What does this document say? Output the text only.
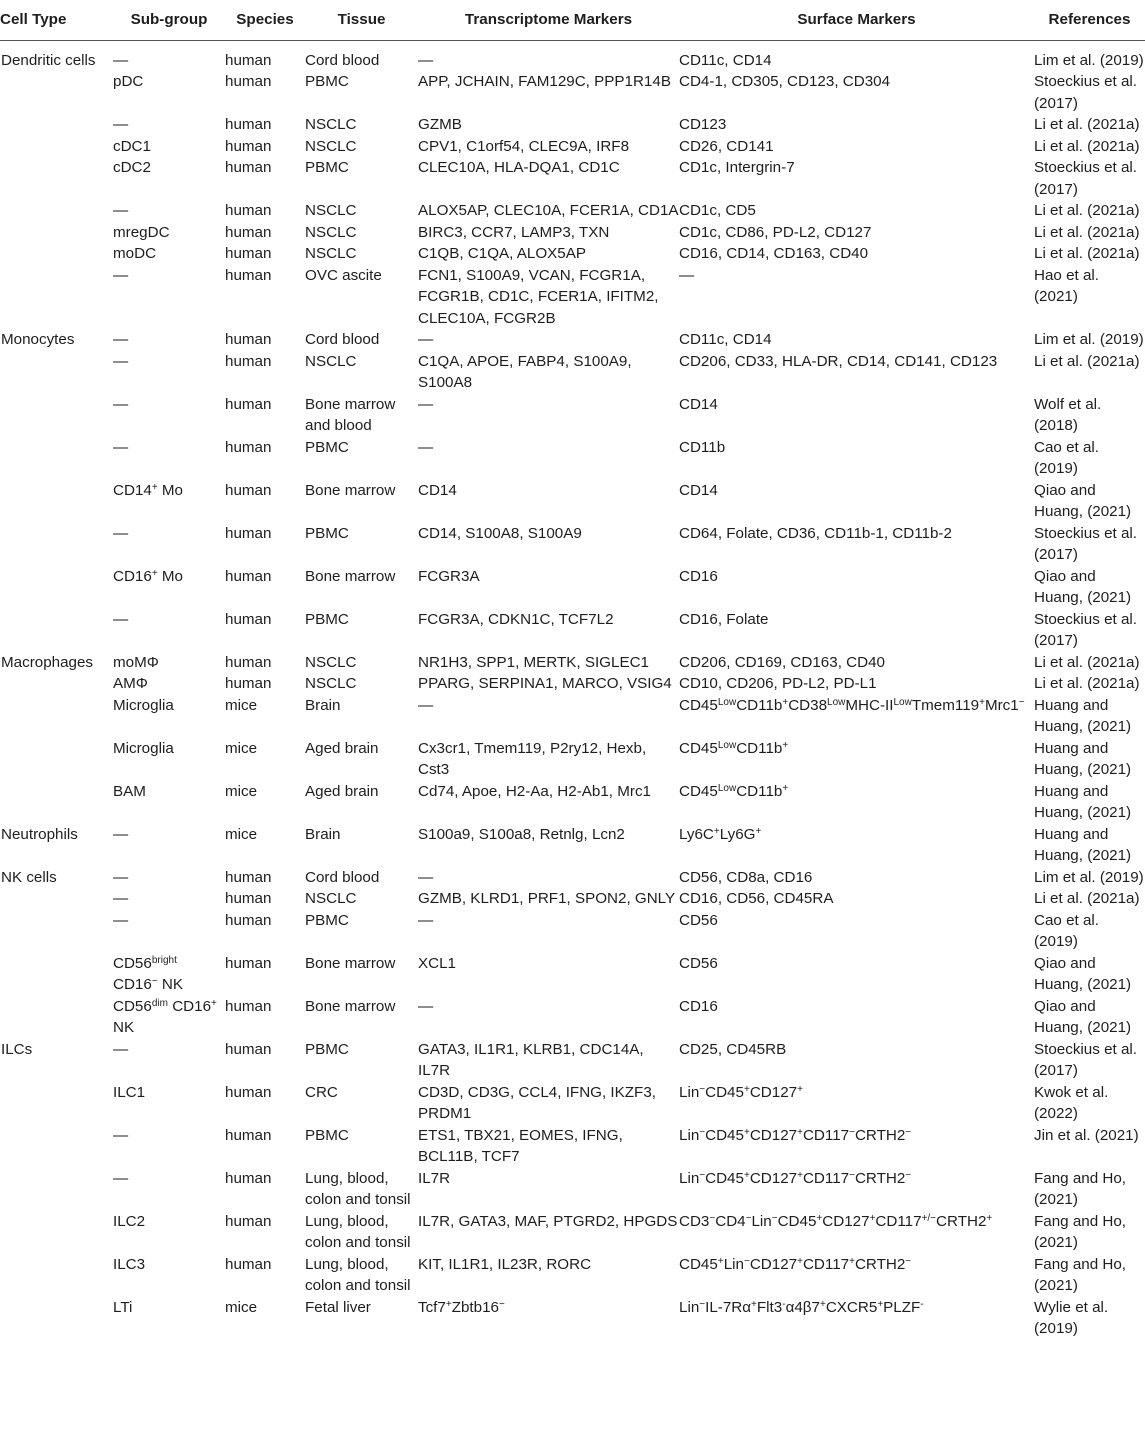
Cell Type	Sub-group	Species	Tissue	Transcriptome Markers	Surface Markers	References
Dendritic cells	—	human	Cord blood	—	CD11c, CD14	Lim et al. (2019)
	pDC	human	PBMC	APP, JCHAIN, FAM129C, PPP1R14B	CD4-1, CD305, CD123, CD304	Stoeckius et al. (2017)
	—	human	NSCLC	GZMB	CD123	Li et al. (2021a)
	cDC1	human	NSCLC	CPV1, C1orf54, CLEC9A, IRF8	CD26, CD141	Li et al. (2021a)
	cDC2	human	PBMC	CLEC10A, HLA-DQA1, CD1C	CD1c, Intergrin-7	Stoeckius et al. (2017)
	—	human	NSCLC	ALOX5AP, CLEC10A, FCER1A, CD1A	CD1c, CD5	Li et al. (2021a)
	mregDC	human	NSCLC	BIRC3, CCR7, LAMP3, TXN	CD1c, CD86, PD-L2, CD127	Li et al. (2021a)
	moDC	human	NSCLC	C1QB, C1QA, ALOX5AP	CD16, CD14, CD163, CD40	Li et al. (2021a)
	—	human	OVC ascite	FCN1, S100A9, VCAN, FCGR1A, FCGR1B, CD1C, FCER1A, IFITM2, CLEC10A, FCGR2B	—	Hao et al. (2021)
Monocytes	—	human	Cord blood	—	CD11c, CD14	Lim et al. (2019)
	—	human	NSCLC	C1QA, APOE, FABP4, S100A9, S100A8	CD206, CD33, HLA-DR, CD14, CD141, CD123	Li et al. (2021a)
	—	human	Bone marrow and blood	—	CD14	Wolf et al. (2018)
	—	human	PBMC	—	CD11b	Cao et al. (2019)
	CD14+ Mo	human	Bone marrow	CD14	CD14	Qiao and Huang, (2021)
	—	human	PBMC	CD14, S100A8, S100A9	CD64, Folate, CD36, CD11b-1, CD11b-2	Stoeckius et al. (2017)
	CD16+ Mo	human	Bone marrow	FCGR3A	CD16	Qiao and Huang, (2021)
	—	human	PBMC	FCGR3A, CDKN1C, TCF7L2	CD16, Folate	Stoeckius et al. (2017)
Macrophages	moMΦ	human	NSCLC	NR1H3, SPP1, MERTK, SIGLEC1	CD206, CD169, CD163, CD40	Li et al. (2021a)
	AMΦ	human	NSCLC	PPARG, SERPINA1, MARCO, VSIG4	CD10, CD206, PD-L2, PD-L1	Li et al. (2021a)
	Microglia	mice	Brain	—	$CD45^{Low}CD11b^+CD38^{Low}MHC-II^{Low}Tmem119^+Mrc1^-$	Huang and Huang, (2021)
	Microglia	mice	Aged brain	Cx3cr1, Tmem119, P2ry12, Hexb, Cst3	$CD45^{Low}CD11b^+$	Huang and Huang, (2021)
	BAM	mice	Aged brain	Cd74, Apoe, H2-Aa, H2-Ab1, Mrc1	$CD45^{Low}CD11b^+$	Huang and Huang, (2021)
Neutrophils	—	mice	Brain	S100a9, S100a8, Retnlg, Lcn2	Ly6C+Ly6G+	Huang and Huang, (2021)
NK cells	—	human	Cord blood	—	CD56, CD8a, CD16	Lim et al. (2019)
	—	human	NSCLC	GZMB, KLRD1, PRF1, SPON2, GNLY	CD16, CD56, CD45RA	Li et al. (2021a)
	—	human	PBMC	—	CD56	Cao et al. (2019)
	$CD56^{bright}$ CD16− NK	human	Bone marrow	XCL1	CD56	Qiao and Huang, (2021)
	$CD56^{dim}$ CD16+ NK	human	Bone marrow	—	CD16	Qiao and Huang, (2021)
ILCs	—	human	PBMC	GATA3, IL1R1, KLRB1, CDC14A, IL7R	CD25, CD45RB	Stoeckius et al. (2017)
	ILC1	human	CRC	CD3D, CD3G, CCL4, IFNG, IKZF3, PRDM1	Lin−CD45+CD127+	Kwok et al. (2022)
	—	human	PBMC	ETS1, TBX21, EOMES, IFNG, BCL11B, TCF7	Lin−CD45+CD127+CD117−CRTH2−	Jin et al. (2021)
	—	human	Lung, blood, colon and tonsil	IL7R	Lin−CD45+CD127+CD117−CRTH2−	Fang and Ho, (2021)
	ILC2	human	Lung, blood, colon and tonsil	IL7R, GATA3, MAF, PTGRD2, HPGDS	CD3−CD4−Lin−CD45+CD127+CD117+/−CRTH2+	Fang and Ho, (2021)
	ILC3	human	Lung, blood, colon and tonsil	KIT, IL1R1, IL23R, RORC	CD45+Lin−CD127+CD117+CRTH2−	Fang and Ho, (2021)
	LTi	mice	Fetal liver	Tcf7+Zbtb16−	Lin−IL-7Rα+Flt3-α4β7+CXCR5+PLZF-	Wylie et al. (2019)
